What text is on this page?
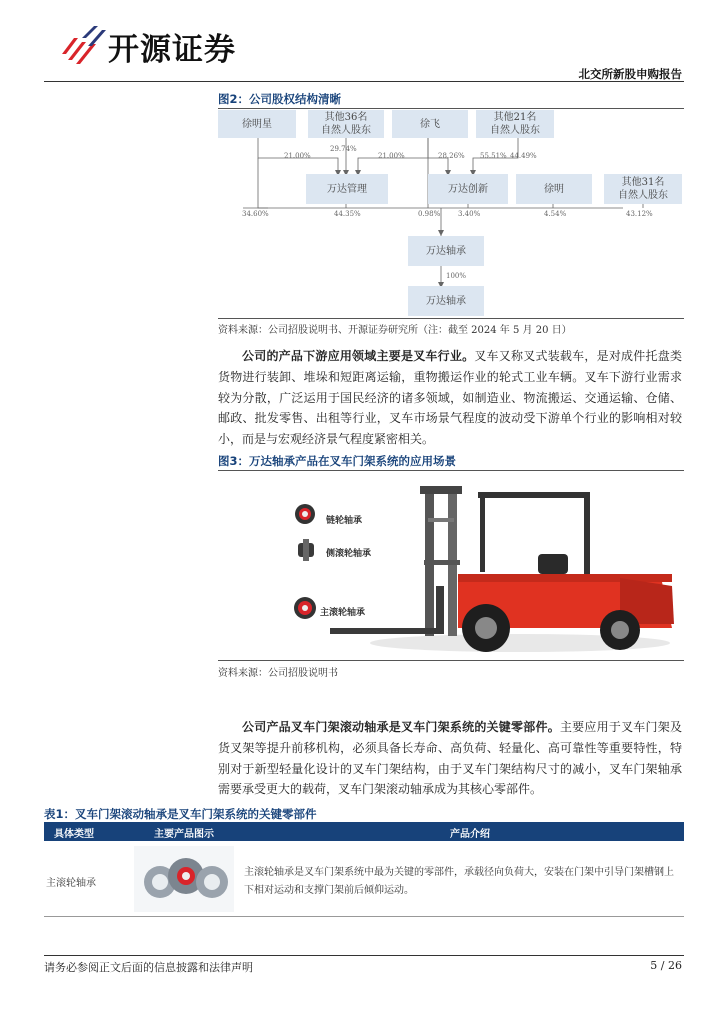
开源证券
北交所新股申购报告
图2：公司股权结构清晰
徐明星
其他36名
自然人股东
徐飞
其他21名
自然人股东
万达管理	万达创新	徐明
其他31名
自然人股东
万达轴承
万达轴承
21.00%
29.74%
21.00%	28.26% 55.51% 44.49%
34.60%	44.35%	0.98%	3.40%	4.54%	43.12%
100%
资料来源：公司招股说明书、开源证券研究所（注：截至 2024 年 5 月 20 日）
公司的产品下游应用领域主要是叉车行业。叉车又称叉式装载车，是对成件托盘类货物进行装卸、堆垛和短距离运输，重物搬运作业的轮式工业车辆。叉车下游行业需求较为分散，广泛运用于国民经济的诸多领域，如制造业、物流搬运、交通运输、仓储、邮政、批发零售、出租等行业，叉车市场景气程度的波动受下游单个行业的影响相对较小，而是与宏观经济景气程度紧密相关。
图3：万达轴承产品在叉车门架系统的应用场景
链轮轴承
侧滚轮轴承
主滚轮轴承
资料来源：公司招股说明书
公司产品叉车门架滚动轴承是叉车门架系统的关键零部件。主要应用于叉车门架及货叉架等提升前移机构，必须具备长寿命、高负荷、轻量化、高可靠性等重要特性，特别对于新型轻量化设计的叉车门架结构，由于叉车门架结构尺寸的减小，叉车门架轴承需要承受更大的载荷，叉车门架滚动轴承成为其核心零部件。
表1：叉车门架滚动轴承是叉车门架系统的关键零部件
具体类型	主要产品图示	产品介绍
主滚轮轴承
主滚轮轴承是叉车门架系统中最为关键的零部件，承载径向负荷大，安装在门架中引导门架槽钢上下相对运动和支撑门架前后倾仰运动。
请务必参阅正文后面的信息披露和法律声明	5 / 26
